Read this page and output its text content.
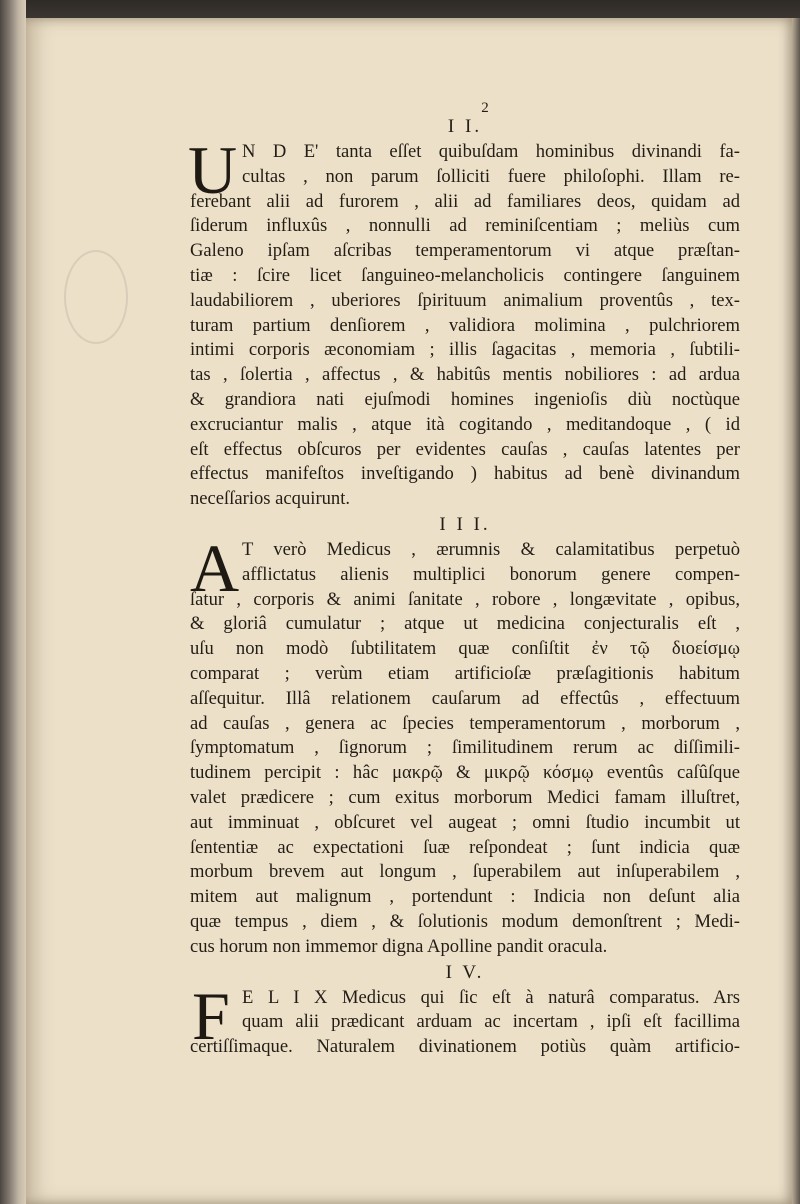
2
I I.
U N D E' tanta eſſet quibuſdam hominibus divinandi fa-
cultas , non parum ſolliciti fuere philoſophi. Illam re-
ferebant alii ad furorem , alii ad familiares deos, quidam ad
ſiderum influxûs , nonnulli ad reminiſcentiam ; meliùs cum
Galeno ipſam aſcribas temperamentorum vi atque præſtan-
tiæ : ſcire licet ſanguineo-melancholicis contingere ſanguinem
laudabiliorem , uberiores ſpirituum animalium proventûs , tex-
turam partium denſiorem , validiora molimina , pulchriorem
intimi corporis æconomiam ; illis ſagacitas , memoria , ſubtili-
tas , ſolertia , affectus , & habitûs mentis nobiliores : ad ardua
& grandiora nati ejuſmodi homines ingenioſis diù noctùque
excruciantur malis , atque ità cogitando , meditandoque , ( id
eſt effectus obſcuros per evidentes cauſas , cauſas latentes per
effectus manifeſtos inveſtigando ) habitus ad benè divinandum
neceſſarios acquirunt.
I I I.
A T verò Medicus , ærumnis & calamitatibus perpetuò
afflictatus alienis multiplici bonorum genere compen-
ſatur , corporis & animi ſanitate , robore , longævitate , opibus,
& gloriâ cumulatur ; atque ut medicina conjecturalis eſt ,
uſu non modò ſubtilitatem quæ conſiſtit ἐν τῷ διοείσμῳ
comparat ; verùm etiam artificioſæ præſagitionis habitum
aſſequitur. Illâ relationem cauſarum ad effectûs , effectuum
ad cauſas , genera ac ſpecies temperamentorum , morborum ,
ſymptomatum , ſignorum ; ſimilitudinem rerum ac diſſimili-
tudinem percipit : hâc μακρῷ & μικρῷ κόσμῳ eventûs caſûſque
valet prædicere ; cum exitus morborum Medici famam illuſtret,
aut imminuat , obſcuret vel augeat ; omni ſtudio incumbit ut
ſententiæ ac expectationi ſuæ reſpondeat ; ſunt indicia quæ
morbum brevem aut longum , ſuperabilem aut inſuperabilem ,
mitem aut malignum , portendunt : Indicia non deſunt alia
quæ tempus , diem , & ſolutionis modum demonſtrent ; Medi-
cus horum non immemor digna Apolline pandit oracula.
I V.
F E L I X Medicus qui ſic eſt à naturâ comparatus. Ars
quam alii prædicant arduam ac incertam , ipſi eſt facillima
certiſſimaque. Naturalem divinationem potiùs quàm artificio-
